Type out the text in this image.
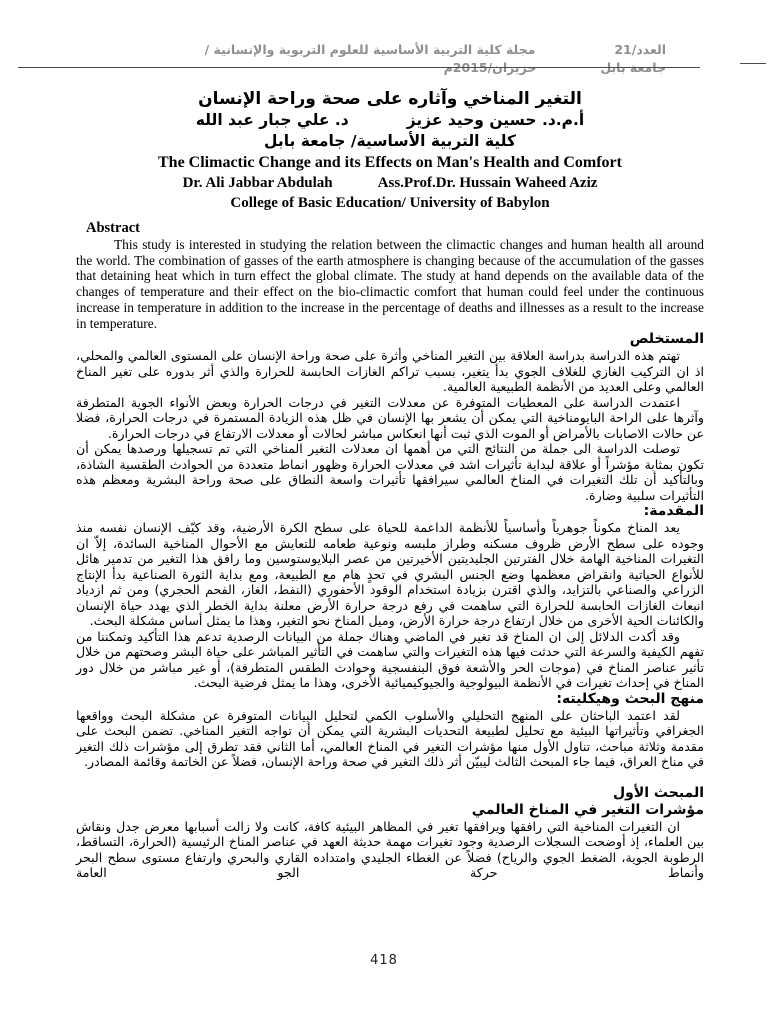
مجلة كلية التربية الأساسية للعلوم التربوية والإنسانية /	العدد/21
جامعة بابل
حزيران/2015م
التغير المناخي وآثاره على صحة وراحة الإنسان
أ.م.د. حسين وحيد عزيز
د. علي جبار عبد الله
كلية التربية الأساسية/ جامعة بابل
The Climactic Change and its Effects on Man's Health and Comfort
Dr. Ali Jabbar Abdulah	Ass.Prof.Dr. Hussain Waheed Aziz
College of Basic Education/ University of Babylon
Abstract

This study is interested in studying the relation between the climactic changes and human health all around the world. The combination of gasses of the earth atmosphere is changing because of the accumulation of the gasses that detaining heat which in turn effect the global climate. The study at hand depends on the available data of the changes of temperature and their effect on the bio-climactic comfort that human could feel under the continuous increase in temperature in addition to the increase in the percentage of deaths and illnesses as a result to the increase in temperature.

المستخلص

تهتم هذه الدراسة بدراسة العلاقة بين التغير المناخي وأثرة على صحة وراحة الإنسان على المستوى العالمي والمحلي، اذ ان التركيب الغازي للغلاف الجوي بدأ يتغير، بسبب تراكم الغازات الحابسة للحرارة والذي أثر بدوره على تغير المناخ العالمي وعلى العديد من الأنظمة الطبيعية العالمية.

اعتمدت الدراسة على المعطيات المتوفرة عن معدلات التغير في درجات الحرارة وبعض الأنواء الجوية المتطرفة وآثرها على الراحة البايومناخية التي يمكن أن يشعر بها الإنسان في ظل هذه الزيادة المستمرة في درجات الحرارة، فضلا عن حالات الاصابات بالأمراض أو الموت الذي ثبت أنها انعكاس مباشر لحالات أو معدلات الارتفاع في درجات الحرارة.

توصلت الدراسة الى جملة من النتائج التي من أهمها ان معدلات التغير المناخي التي تم تسجيلها ورصدها يمكن أن تكون بمثابة مؤشراً أو علاقة لبداية تأثيرات اشد في معدلات الحرارة وظهور انماط متعددة من الحوادث الطقسية الشاذة، وبالتأكيد أن تلك التغيرات في المناخ العالمي سيرافقها تأثيرات واسعة النطاق على صحة وراحة البشرية ومعظم هذه التأثيرات سلبية وضارة.

المقدمة:

يعد المناخ مكوناً جوهرياً وأساسياً للأنظمة الداعمة للحياة على سطح الكرة الأرضية، وقد كيّف الإنسان نفسه منذ وجوده على سطح الأرض ظروف مسكنه وطراز ملبسه ونوعية طعامه للتعايش مع الأحوال المناخية السائدة، إلاّ ان التغيرات المناخية الهامة خلال الفترتين الجليديتين الأخيرتين من عصر البلايوستوسين وما رافق هذا التغير من تدمير هائل للأنواع الحياتية وانقراض معظمها وضع الجنس البشري في تحدٍ هام مع الطبيعة، ومع بداية الثورة الصناعية بدأ الإنتاج الزراعي والصناعي بالتزايد، والذي اقترن بزيادة استخدام الوقود الأحفوري (النفط، الغاز، الفحم الحجري) ومن ثم ازدياد انبعاث الغازات الحابسة للحرارة التي ساهمت في رفع درجة حرارة الأرض معلنة بداية الخطر الذي يهدد حياة الإنسان والكائنات الحية الأخرى من خلال ارتفاع درجة حرارة الأرض، وميل المناخ نحو التغير، وهذا ما يمثل أساس مشكلة البحث.

وقد أكدت الدلائل إلى ان المناخ قد تغير في الماضي وهناك جملة من البيانات الرصدية تدعم هذا التأكيد وتمكننا من تفهم الكيفية والسرعة التي حدثت فيها هذه التغيرات والتي ساهمت في التأثير المباشر على حياة البشر وصحتهم من خلال تأثير عناصر المناخ في (موجات الحر والأشعة فوق البنفسجية وحوادث الطقس المتطرفة)، أو غير مباشر من خلال دور المناخ في إحداث تغيرات في الأنظمة البيولوجية والجيوكيميائية الأخرى، وهذا ما يمثل فرضية البحث.

منهج البحث وهيكليته:

لقد اعتمد الباحثان على المنهج التحليلي والأسلوب الكمي لتحليل البيانات المتوفرة عن مشكلة البحث وواقعها الجغرافي وتأثيراتها البيئية مع تحليل لطبيعة التحديات البشرية التي يمكن أن تواجه التغير المناخي. تضمن البحث على مقدمة وثلاثة مباحث، تناول الأول منها مؤشرات التغير في المناخ العالمي، أما الثاني فقد تطرق إلى مؤشرات ذلك التغير في مناخ العراق، فيما جاء المبحث الثالث ليبيّن أثر ذلك التغير في صحة وراحة الإنسان، فضلاً عن الخاتمة وقائمة المصادر.

المبحث الأول
مؤشرات التغير في المناخ العالمي

ان التغيرات المناخية التي رافقها ويرافقها تغير في المظاهر البيئية كافة، كانت ولا زالت أسبابها معرض جدل ونقاش بين العلماء، إذ أوضحت السجلات الرصدية وجود تغيرات مهمة حديثة العهد في عناصر المناخ الرئيسية (الحرارة، التساقط، الرطوبة الجوية، الضغط الجوي والرياح) فضلاً عن الغطاء الجليدي وامتداده القاري والبحري وارتفاع مستوى سطح البحر وأنماط حركة الجو العامة

418
